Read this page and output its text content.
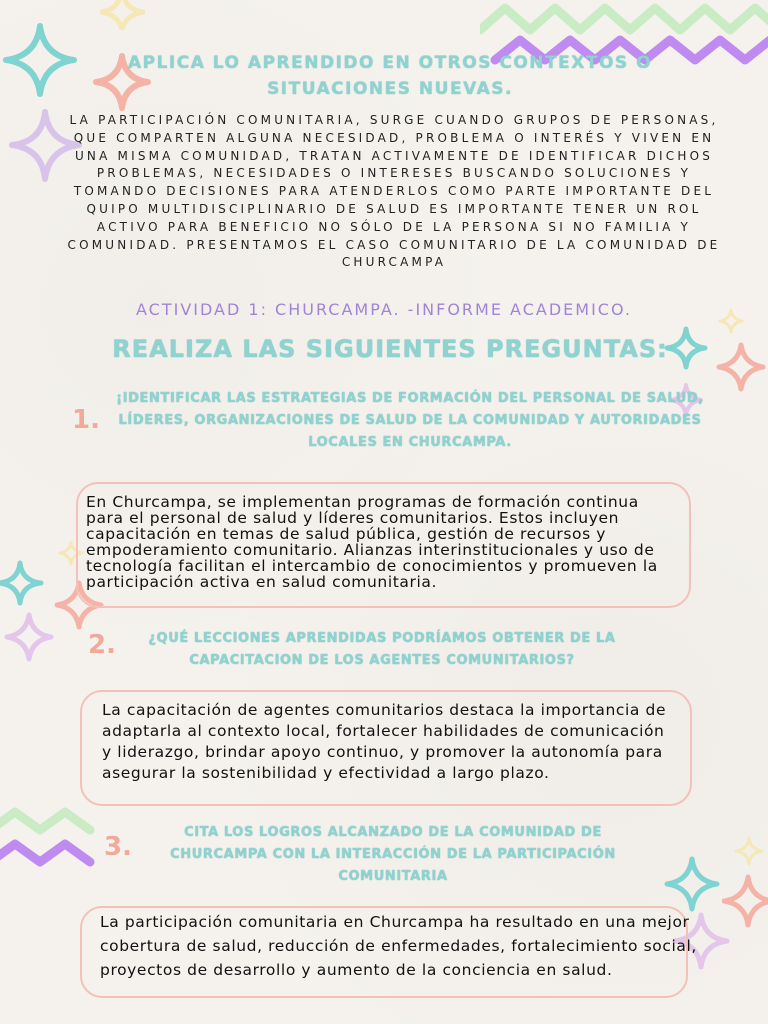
APLICA LO APRENDIDO EN OTROS CONTEXTOS O SITUACIONES NUEVAS.
LA PARTICIPACIÓN COMUNITARIA, SURGE CUANDO GRUPOS DE PERSONAS, QUE COMPARTEN ALGUNA NECESIDAD, PROBLEMA O INTERÉS Y VIVEN EN UNA MISMA COMUNIDAD, TRATAN ACTIVAMENTE DE IDENTIFICAR DICHOS PROBLEMAS, NECESIDADES O INTERESES BUSCANDO SOLUCIONES Y TOMANDO DECISIONES PARA ATENDERLOS COMO PARTE IMPORTANTE DEL QUIPO MULTIDISCIPLINARIO DE SALUD ES IMPORTANTE TENER UN ROL ACTIVO PARA BENEFICIO NO SÓLO DE LA PERSONA SI NO FAMILIA Y COMUNIDAD. PRESENTAMOS EL CASO COMUNITARIO DE LA COMUNIDAD DE CHURCAMPA
ACTIVIDAD 1: CHURCAMPA. -INFORME ACADEMICO.
REALIZA LAS SIGUIENTES PREGUNTAS:
1.
¡IDENTIFICAR LAS ESTRATEGIAS DE FORMACIÓN DEL PERSONAL DE SALUD, LÍDERES, ORGANIZACIONES DE SALUD DE LA COMUNIDAD Y AUTORIDADES LOCALES EN CHURCAMPA.
En Churcampa, se implementan programas de formación continua para el personal de salud y líderes comunitarios. Estos incluyen capacitación en temas de salud pública, gestión de recursos y empoderamiento comunitario. Alianzas interinstitucionales y uso de tecnología facilitan el intercambio de conocimientos y promueven la participación activa en salud comunitaria.
2.	¿QUÉ LECCIONES APRENDIDAS PODRÍAMOS OBTENER DE LA CAPACITACION DE LOS AGENTES COMUNITARIOS?
La capacitación de agentes comunitarios destaca la importancia de adaptarla al contexto local, fortalecer habilidades de comunicación y liderazgo, brindar apoyo continuo, y promover la autonomía para asegurar la sostenibilidad y efectividad a largo plazo.
3.	CITA LOS LOGROS ALCANZADO DE LA COMUNIDAD DE CHURCAMPA CON LA INTERACCIÓN DE LA PARTICIPACIÓN COMUNITARIA
La participación comunitaria en Churcampa ha resultado en una mejor cobertura de salud, reducción de enfermedades, fortalecimiento social, proyectos de desarrollo y aumento de la conciencia en salud.
